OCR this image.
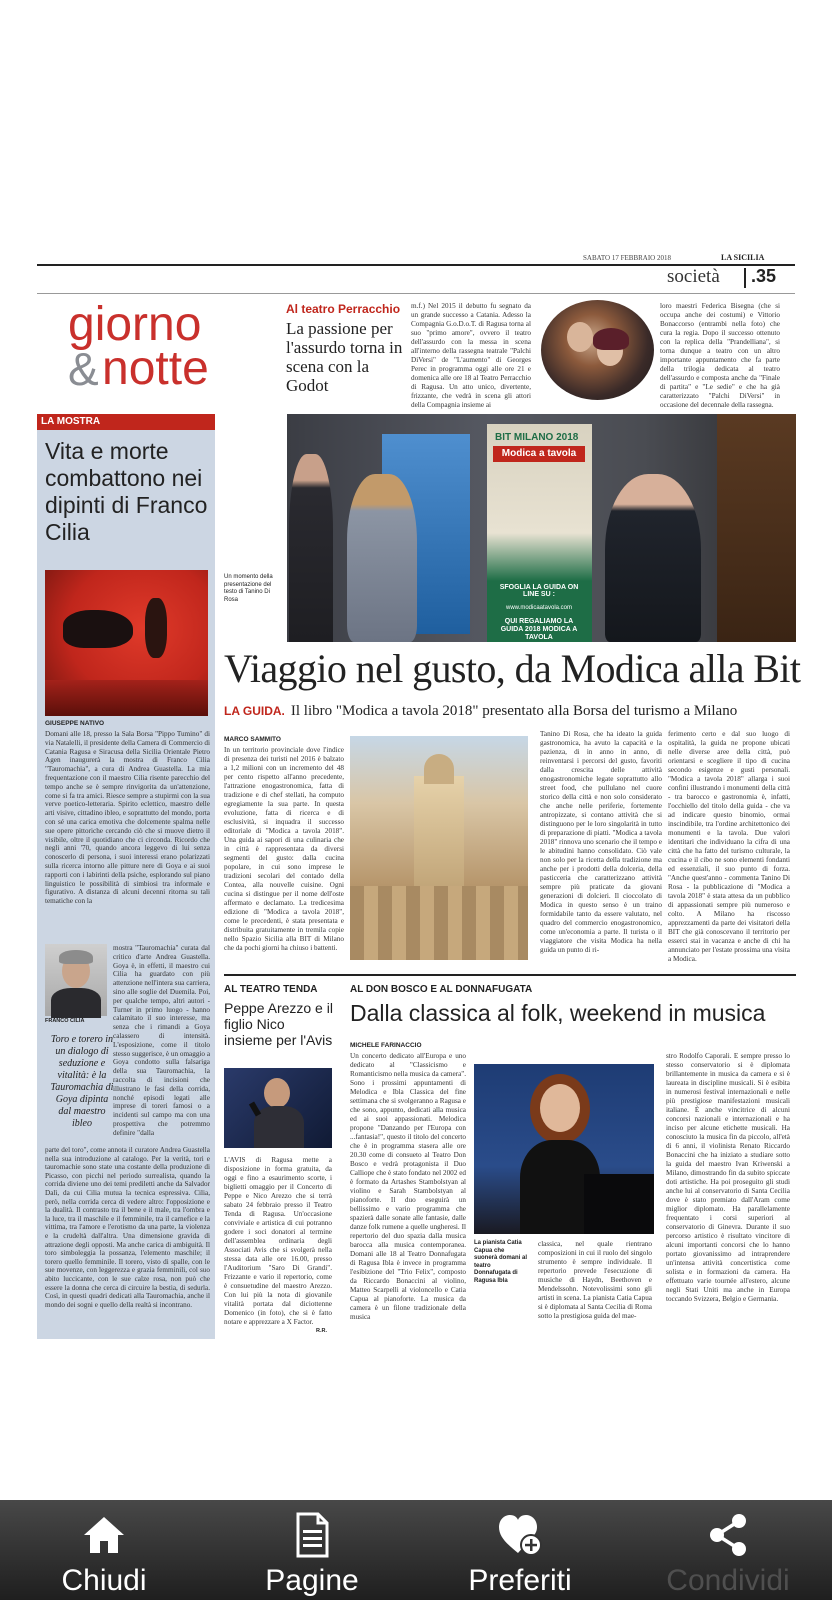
SABATO 17 FEBBRAIO 2018	LA SICILIA
società .35
giorno
& notte
Al teatro Perracchio
La passione per l'assurdo torna in scena con la Godot
m.f.) Nel 2015 il debutto fu segnato da un grande successo a Catania. Adesso la Compagnia G.o.D.o.T. di Ragusa torna al suo "primo amore", ovvero il teatro dell'assurdo con la messa in scena all'interno della rassegna teatrale "Palchi DiVersi" de "L'aumento" di Georges Perec in programma oggi alle ore 21 e domenica alle ore 18 al Teatro Perracchio di Ragusa. Un atto unico, divertente, frizzante, che vedrà in scena gli attori della Compagnia insieme ai
loro maestri Federica Bisegna (che si occupa anche dei costumi) e Vittorio Bonaccorso (entrambi nella foto) che cura la regia. Dopo il successo ottenuto con la replica della "Prandelliana", si torna dunque a teatro con un altro importante appuntamento che fa parte della trilogia dedicata al teatro dell'assurdo e composta anche da "Finale di partita" e "Le sedie" e che ha già caratterizzato "Palchi DiVersi" in occasione del decennale della rassegna.
LA MOSTRA
Vita e morte combattono nei dipinti di Franco Cilia
GIUSEPPE NATIVO
Domani alle 18, presso la Sala Borsa "Pippo Tumino" di via Natalelli, il presidente della Camera di Commercio di Catania Ragusa e Siracusa della Sicilia Orientale Pietro Agen inaugurerà la mostra di Franco Cilia "Tauromachia", a cura di Andrea Guastella. La mia frequentazione con il maestro Cilia risente parecchio del tempo anche se è sempre rinvigorita da un'attenzione, come si fa tra amici. Riesce sempre a stupirmi con la sua verve poetico-letteraria. Spirito eclettico, maestro delle arti visive, cittadino ibleo, e soprattutto del mondo, porta con sé una carica emotiva che dolcemente spalma nelle sue opere pittoriche cercando ciò che si muove dietro il visibile, oltre il quotidiano che ci circonda. Ricordo che negli anni '70, quando ancora leggevo di lui senza conoscerlo di persona, i suoi interessi erano polarizzati sulla ricerca intorno alle pitture nere di Goya e ai suoi rapporti con i labirinti della psiche, esplorando sul piano linguistico le possibilità di simbiosi tra informale e figurativo. A distanza di alcuni decenni ritorna su tali tematiche con la
FRANCO CILIA
mostra "Tauromachia" curata dal critico d'arte Andrea Guastella. Goya è, in effetti, il maestro cui Cilia ha guardato con più attenzione nell'intera sua carriera, sino alle soglie del Duemila. Poi, per qualche tempo, altri autori - Turner in primo luogo - hanno calamitato il suo interesse, ma senza che i rimandi a Goya calassero di intensità. L'esposizione, come il titolo stesso suggerisce, è un omaggio a Goya condotto sulla falsariga della sua Tauromachia, la raccolta di incisioni che illustrano le fasi della corrida, nonché episodi legati alle imprese di toreri famosi o a incidenti sul campo ma con una prospettiva che potremmo definire "dalla
Toro e torero in un dialogo di seduzione e vitalità: è la Tauromachia di Goya dipinta dal maestro ibleo
parte del toro", come annota il curatore Andrea Guastella nella sua introduzione al catalogo. Per la verità, tori e tauromachie sono state una costante della produzione di Picasso, con picchi nel periodo surrealista, quando la corrida diviene uno dei temi prediletti anche da Salvador Dalì, da cui Cilia mutua la tecnica espressiva. Cilia, però, nella corrida cerca di vedere altro: l'opposizione e la dualità. Il contrasto tra il bene e il male, tra l'ombra e la luce, tra il maschile e il femminile, tra il carnefice e la vittima, tra l'amore e l'erotismo da una parte, la violenza e la crudeltà dall'altra. Una dimensione gravida di attrazione degli opposti. Ma anche carica di ambiguità. Il toro simboleggia la possanza, l'elemento maschile; il torero quello femminile. Il torero, visto di spalle, con le sue movenze, con leggerezza e grazia femminili, col suo abito luccicante, con le sue calze rosa, non può che essere la donna che cerca di circuire la bestia, di sedurla. Così, in questi quadri dedicati alla Tauromachia, anche il mondo dei sogni e quello della realtà si incontrano.
BIT MILANO 2018
Modica a tavola
SFOGLIA LA GUIDA ON LINE SU :
www.modicaatavola.com
QUI REGALIAMO LA GUIDA 2018 MODICA A TAVOLA
Un momento della presentazione del testo di Tanino Di Rosa
Viaggio nel gusto, da Modica alla Bit
LA GUIDA. Il libro "Modica a tavola 2018" presentato alla Borsa del turismo a Milano
MARCO SAMMITO
In un territorio provinciale dove l'indice di presenza dei turisti nel 2016 è balzato a 1,2 milioni con un incremento del 48 per cento rispetto all'anno precedente, l'attrazione enogastronomica, fatta di tradizione e di chef stellati, ha computo egregiamente la sua parte. In questa evoluzione, fatta di ricerca e di esclusività, si inquadra il successo editoriale di "Modica a tavola 2018". Una guida ai sapori di una culinaria che in città è rappresentata da diversi segmenti del gusto: dalla cucina popolare, in cui sono imprese le tradizioni secolari del contado della Contea, alla nouvelle cuisine. Ogni cucina si distingue per il nome dell'oste affermato e declamato. La tredicesima edizione di "Modica a tavola 2018", come le precedenti, è stata presentata e distribuita gratuitamente in tremila copie nello Spazio Sicilia alla BIT di Milano che da pochi giorni ha chiuso i battenti.
Tanino Di Rosa, che ha ideato la guida gastronomica, ha avuto la capacità e la pazienza, di in anno in anno, di reinventarsi i percorsi del gusto, favoriti dalla crescita delle attività enogastronomiche legate soprattutto allo street food, che pullulano nel cuore storico della città e non solo considerato che anche nelle periferie, fortemente antropizzate, si contano attività che si distinguono per le loro singolarità in tutto di preparazione di piatti. "Modica a tavola 2018" rinnova uno scenario che il tempo e le abitudini hanno consolidato. Ciò vale non solo per la ricetta della tradizione ma anche per i prodotti della dolceria, della pasticceria che caratterizzano attività sempre più praticate da giovani generazioni di dolcieri. Il cioccolato di Modica in questo senso è un traino formidabile tanto da essere valutato, nel quadro del commercio enogastronomico, come un'economia a parte. Il turista o il viaggiatore che visita Modica ha nella guida un punto di ri-
ferimento certo e dal suo luogo di ospitalità, la guida ne propone ubicati nelle diverse aree della città, può orientarsi e scegliere il tipo di cucina secondo esigenze e gusti personali. "Modica a tavola 2018" allarga i suoi confini illustrando i monumenti della città - tra barocco e gastronomia è, infatti, l'occhiello del titolo della guida - che va ad indicare questo binomio, ormai inscindibile, tra l'ordine architettonico dei monumenti e la tavola. Due valori identitari che individuano la cifra di una città che ha fatto del turismo culturale, la cucina e il cibo ne sono elementi fondanti ed essenziali, il suo punto di forza. "Anche quest'anno - commenta Tanino Di Rosa - la pubblicazione di "Modica a tavola 2018" è stata attesa da un pubblico di appassionati sempre più numeroso e colto. A Milano ha riscosso apprezzamenti da parte dei visitatori della BIT che già conoscevano il territorio per esserci stai in vacanza e anche di chi ha annunciato per l'estate prossima una visita a Modica.
AL TEATRO TENDA
Peppe Arezzo e il figlio Nico insieme per l'Avis
L'AVIS di Ragusa mette a disposizione in forma gratuita, da oggi e fino a esaurimento scorte, i biglietti omaggio per il Concerto di Peppe e Nico Arezzo che si terrà sabato 24 febbraio presso il Teatro Tenda di Ragusa. Un'occasione conviviale e artistica di cui potranno godere i soci donatori al termine dell'assemblea ordinaria degli Associati Avis che si svolgerà nella stessa data alle ore 16.00, presso l'Auditorium "Saro Di Grandi". Frizzante e vario il repertorio, come è consuetudine del maestro Arezzo. Con lui più la nota di giovanile vitalità portata dal diciottenne Domenico (in foto), che si è fatto notare e apprezzare a X Factor.
R.R.
AL DON BOSCO E AL DONNAFUGATA
Dalla classica al folk, weekend in musica
MICHELE FARINACCIO
Un concerto dedicato all'Europa e uno dedicato al "Classicismo e Romanticismo nella musica da camera". Sono i prossimi appuntamenti di Melodica e Ibla Classica del fine settimana che si svolgeranno a Ragusa e che sono, appunto, dedicati alla musica ed ai suoi appassionati. Melodica propone "Danzando per l'Europa con ...fantasia!", questo il titolo del concerto che è in programma stasera alle ore 20.30 come di consueto al Teatro Don Bosco e vedrà protagonista il Duo Calliope che è stato fondato nel 2002 ed è formato da Artashes Stambolstyan al violino e Sarah Stambolstyan al pianoforte. Il duo eseguirà un bellissimo e vario programma che spazierà dalle sonate alle fantasie, dalle danze folk rumene a quelle ungheresi. Il repertorio del duo spazia dalla musica barocca alla musica contemporanea. Domani alle 18 al Teatro Donnafugata di Ragusa Ibla è invece in programma l'esibizione del "Trio Felix", composto da Riccardo Bonaccini al violino, Matteo Scarpelli al violoncello e Catia Capua al pianoforte. La musica da camera è un filone tradizionale della musica
La pianista Catia Capua che suonerà domani al teatro Donnafugata di Ragusa Ibla
classica, nel quale rientrano composizioni in cui il ruolo del singolo strumento è sempre individuale. Il repertorio prevede l'esecuzione di musiche di Haydn, Beethoven e Mendelssohn. Notevolissimi sono gli artisti in scena. La pianista Catia Capua si è diplomata al Santa Cecilia di Roma sotto la prestigiosa guida del mae-
stro Rodolfo Caporali. E sempre presso lo stesso conservatorio si è diplomata brillantemente in musica da camera e si è laureata in discipline musicali. Si è esibita in numerosi festival internazionali e nelle più prestigiose manifestazioni musicali italiane. È anche vincitrice di alcuni concorsi nazionali e internazionali e ha inciso per alcune etichette musicali. Ha conosciuto la musica fin da piccolo, all'età di 6 anni, il violinista Renato Riccardo Bonaccini che ha iniziato a studiare sotto la guida del maestro Ivan Kriwenski a Milano, dimostrando fin da subito spiccate doti artistiche. Ha poi proseguito gli studi anche lui al conservatorio di Santa Cecilia dove è stato premiato dall'Aram come miglior diplomato. Ha parallelamente frequentato i corsi superiori al conservatorio di Ginevra. Durante il suo percorso artistico è risultato vincitore di alcuni importanti concorsi che lo hanno portato giovanissimo ad intraprendere un'intensa attività concertistica come solista e in formazioni da camera. Ha effettuato varie tournée all'estero, alcune negli Stati Uniti ma anche in Europa toccando Svizzera, Belgio e Germania.
Chiudi	Pagine	Preferiti	Condividi
